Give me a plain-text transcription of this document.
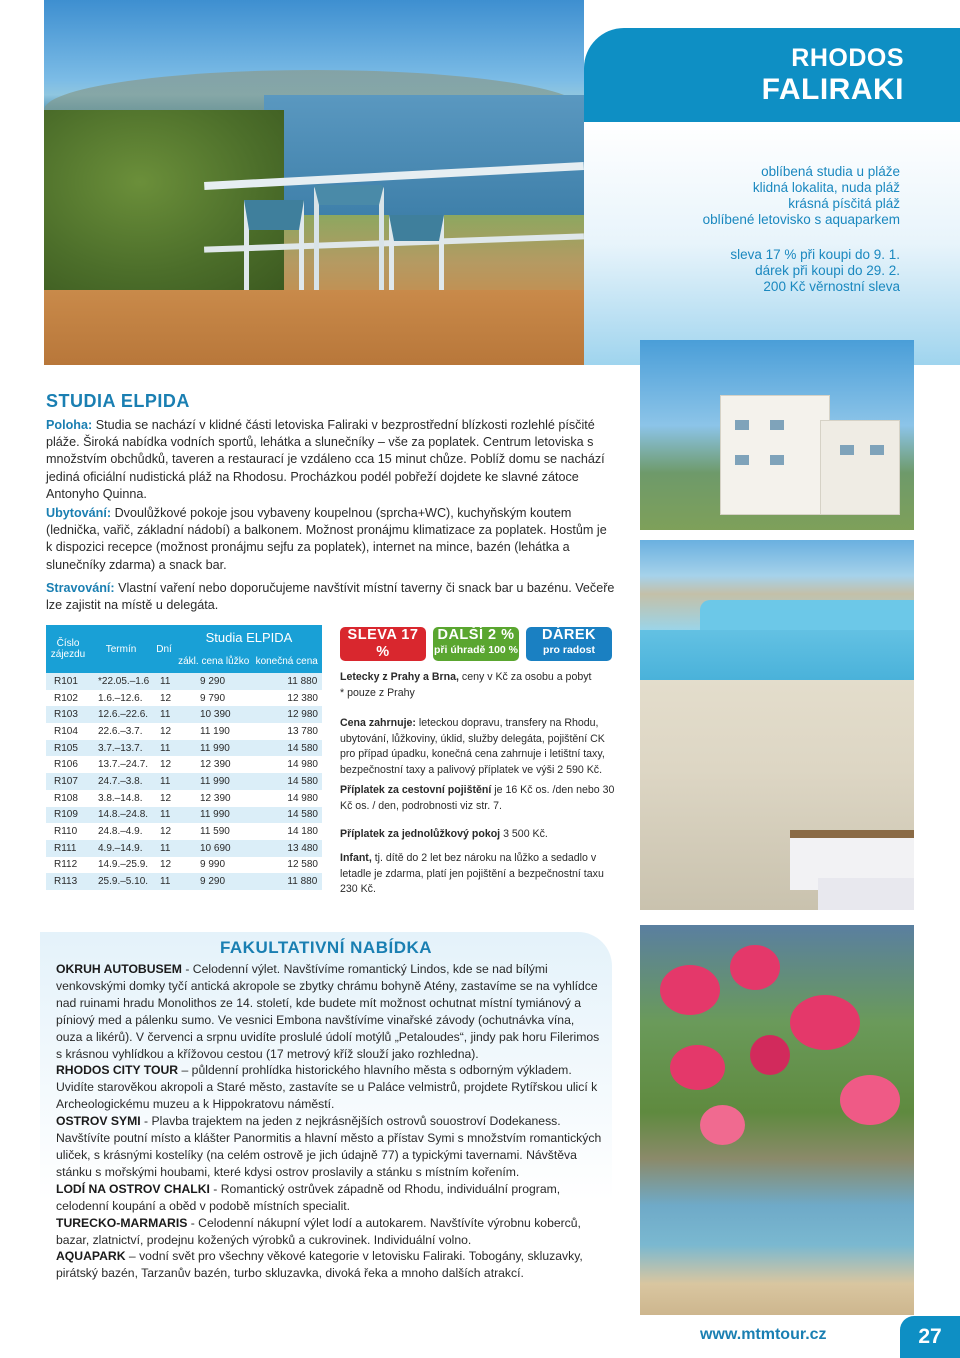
RHODOS
FALIRAKI
oblíbená studia u pláže
klidná lokalita, nuda pláž
krásná písčitá pláž
oblíbené letovisko s aquaparkem
sleva 17 % při koupi do 9. 1.
dárek při koupi do 29. 2.
200 Kč věrnostní sleva
STUDIA ELPIDA
Poloha: Studia se nachází v klidné části letoviska Faliraki v bezprostřední blízkosti rozlehlé písčité pláže. Široká nabídka vodních sportů, lehátka a slunečníky – vše za poplatek. Centrum letoviska s množstvím obchůdků, taveren a restaurací je vzdáleno cca 15 minut chůze. Poblíž domu se nachází jediná oficiální nudistická pláž na Rhodosu. Procházkou podél pobřeží dojdete ke slavné zátoce Antonyho Quinna.
Ubytování: Dvoulůžkové pokoje jsou vybaveny koupelnou (sprcha+WC), kuchyňským koutem (lednička, vařič, základní nádobí) a balkonem. Možnost pronájmu klimatizace za poplatek. Hostům je k dispozici recepce (možnost pronájmu sejfu za poplatek), internet na mince, bazén (lehátka a slunečníky zdarma) a snack bar.
Stravování: Vlastní vaření nebo doporučujeme navštívit místní taverny či snack bar u bazénu. Večeře lze zajistit na místě u delegáta.
Číslo zájezdu	Termín	Dní	Studia ELPIDA	
			zákl. cena lůžko	konečná cena
R101	*22.05.–1.6	11	9 290	11 880
R102	1.6.–12.6.	12	9 790	12 380
R103	12.6.–22.6.	11	10 390	12 980
R104	22.6.–3.7.	12	11 190	13 780
R105	3.7.–13.7.	11	11 990	14 580
R106	13.7.–24.7.	12	12 390	14 980
R107	24.7.–3.8.	11	11 990	14 580
R108	3.8.–14.8.	12	12 390	14 980
R109	14.8.–24.8.	11	11 990	14 580
R110	24.8.–4.9.	12	11 590	14 180
R111	4.9.–14.9.	11	10 690	13 480
R112	14.9.–25.9.	12	9 990	12 580
R113	25.9.–5.10.	11	9 290	11 880
SLEVA 17 %
při koupi do 9. 1.
DALŠÍ 2 %
při úhradě 100 %
DÁREK
pro radost
Letecky z Prahy a Brna, ceny v Kč za osobu a pobyt
* pouze z Prahy
Cena zahrnuje: leteckou dopravu, transfery na Rhodu, ubytování, lůžkoviny, úklid, služby delegáta, pojištění CK pro případ úpadku, konečná cena zahrnuje i letištní taxy, bezpečnostní taxy a palivový příplatek ve výši 2 590 Kč.
Příplatek za cestovní pojištění je 16 Kč os. /den nebo 30 Kč os. / den, podrobnosti viz str. 7.
Příplatek za jednolůžkový pokoj 3 500 Kč.
Infant, tj. dítě do 2 let bez nároku na lůžko a sedadlo v letadle je zdarma, platí jen pojištění a bezpečnostní taxu 230 Kč.
FAKULTATIVNÍ NABÍDKA

OKRUH AUTOBUSEM - Celodenní výlet. Navštívíme romantický Lindos, kde se nad bílými venkovskými domky tyčí antická akropole se zbytky chrámu bohyně Atény, zastavíme se na vyhlídce nad ruinami hradu Monolithos ze 14. století, kde budete mít možnost ochutnat místní tymiánový a píniový med a pálenku sumo. Ve vesnici Embona navštívíme vinařské závody (ochutnávka vína, ouza a likérů). V červenci a srpnu uvidíte proslulé údolí motýlů „Petaloudes“, jindy pak horu Filerimos s krásnou vyhlídkou a křížovou cestou (17 metrový kříž slouží jako rozhledna).

RHODOS CITY TOUR – půldenní prohlídka historického hlavního města s odborným výkladem. Uvidíte starověkou akropoli a Staré město, zastavíte se u Paláce velmistrů, projdete Rytířskou ulicí k Archeologickému muzeu a k Hippokratovu náměstí.

OSTROV SYMI - Plavba trajektem na jeden z nejkrásnějších ostrovů souostroví Dodekaness. Navštívíte poutní místo a klášter Panormitis a hlavní město a přístav Symi s množstvím romantických uliček, s krásnými kostelíky (na celém ostrově je jich údajně 77) a typickými tavernami. Návštěva stánku s mořskými houbami, které kdysi ostrov proslavily a stánku s místním kořením.

LODÍ NA OSTROV CHALKI - Romantický ostrůvek západně od Rhodu, individuální program, celodenní koupání a oběd v podobě místních specialit.

TURECKO-MARMARIS - Celodenní nákupní výlet lodí a autokarem. Navštívíte výrobnu koberců, bazar, zlatnictví, prodejnu kožených výrobků a cukrovinek. Individuální volno.

AQUAPARK – vodní svět pro všechny věkové kategorie v letovisku Faliraki. Tobogány, skluzavky, pirátský bazén, Tarzanův bazén, turbo skluzavka, divoká řeka a mnoho dalších atrakcí.

www.mtmtour.cz	27
